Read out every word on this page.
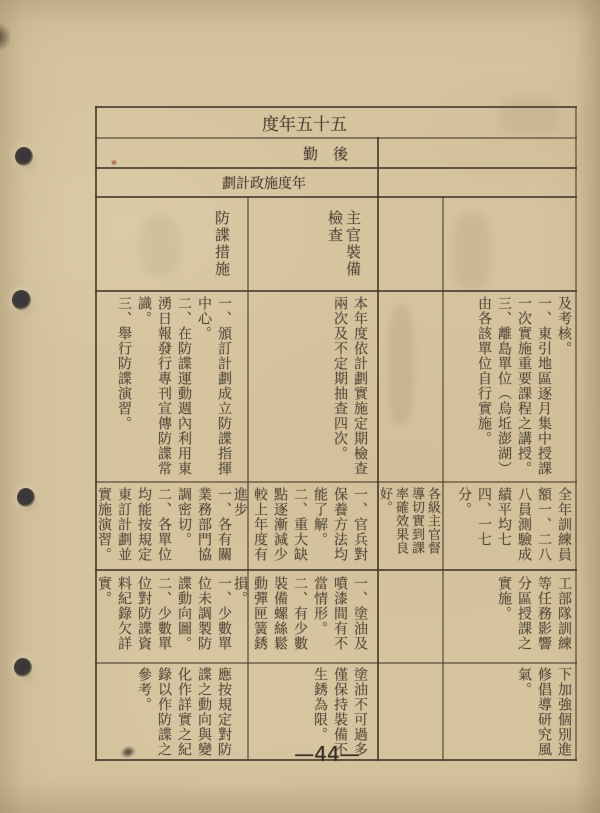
度年五十五
勤　後
劃計政施度年
防諜措施	主官裝備檢查
一、頒訂計劃成立防諜指揮中心。
二、在防諜運動週內利用東湧日報發行專刊宣傳防諜常識。
三、舉行防諜演習。
一、各有關業務部門協調密切。
二、各單位均能按規定東訂計劃並實施演習。
一、少數單位未調製防諜動向圖。
二、少數單位對防諜資料紀錄欠詳實。
應按規定對防諜之動向與變化作詳實之紀錄以作防諜之參考。
本年度依計劃實施定期檢查兩次及不定期抽查四次。
一、官兵對保養方法均能了解。
二、重大缺點逐漸減少較上年度有進步
一、塗油及噴漆間有不當情形。
二、有少數裝備螺絲鬆動彈匣簧銹損。
塗油不可過多僅保持裝備不生銹為限。
各級主官督導切實到課率確效果良好。
及考核。
一、東引地區逐月集中授課一次實施重要課程之講授。
三、離島單位︵烏坵澎湖︶由各該單位自行實施。
全年訓練員額一、二八八員測驗成績平均七四、一七分。
工部隊訓練等任務影響分區授課之實施。
下加強個別進修倡導研究風氣。
—44—
